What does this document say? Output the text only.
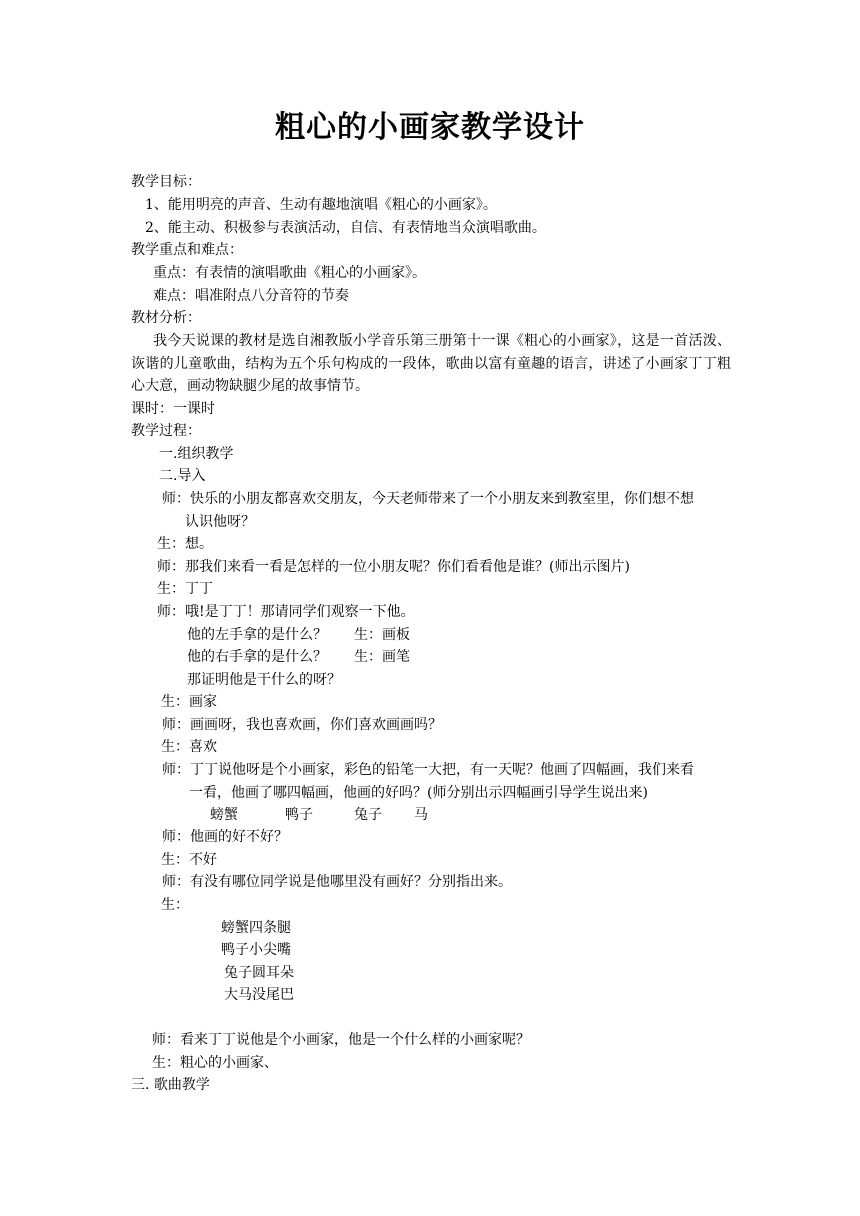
粗心的小画家教学设计

教学目标：

1、能用明亮的声音、生动有趣地演唱《粗心的小画家》。

2、能主动、积极参与表演活动，自信、有表情地当众演唱歌曲。

教学重点和难点：

重点：有表情的演唱歌曲《粗心的小画家》。

难点：唱准附点八分音符的节奏

教材分析：

我今天说课的教材是选自湘教版小学音乐第三册第十一课《粗心的小画家》，这是一首活泼、诙谐的儿童歌曲，结构为五个乐句构成的一段体，歌曲以富有童趣的语言，讲述了小画家丁丁粗心大意，画动物缺腿少尾的故事情节。

课时：一课时

教学过程：

一.组织教学

二.导入

师：快乐的小朋友都喜欢交朋友，今天老师带来了一个小朋友来到教室里，你们想不想

认识他呀？

生：想。

师：那我们来看一看是怎样的一位小朋友呢？你们看看他是谁？(师出示图片)

生：丁丁

师：哦!是丁丁！那请同学们观察一下他。

他的左手拿的是什么？ 生：画板

他的右手拿的是什么？ 生：画笔

那证明他是干什么的呀？

生：画家

师：画画呀，我也喜欢画，你们喜欢画画吗？

生：喜欢

师：丁丁说他呀是个小画家，彩色的铅笔一大把，有一天呢？他画了四幅画，我们来看

一看，他画了哪四幅画，他画的好吗？(师分别出示四幅画引导学生说出来)

螃蟹	鸭子	兔子 马

师：他画的好不好？

生：不好

师：有没有哪位同学说是他哪里没有画好？分别指出来。

生：

螃蟹四条腿

鸭子小尖嘴

兔子圆耳朵

大马没尾巴

师：看来丁丁说他是个小画家，他是一个什么样的小画家呢？

生：粗心的小画家、

三. 歌曲教学
